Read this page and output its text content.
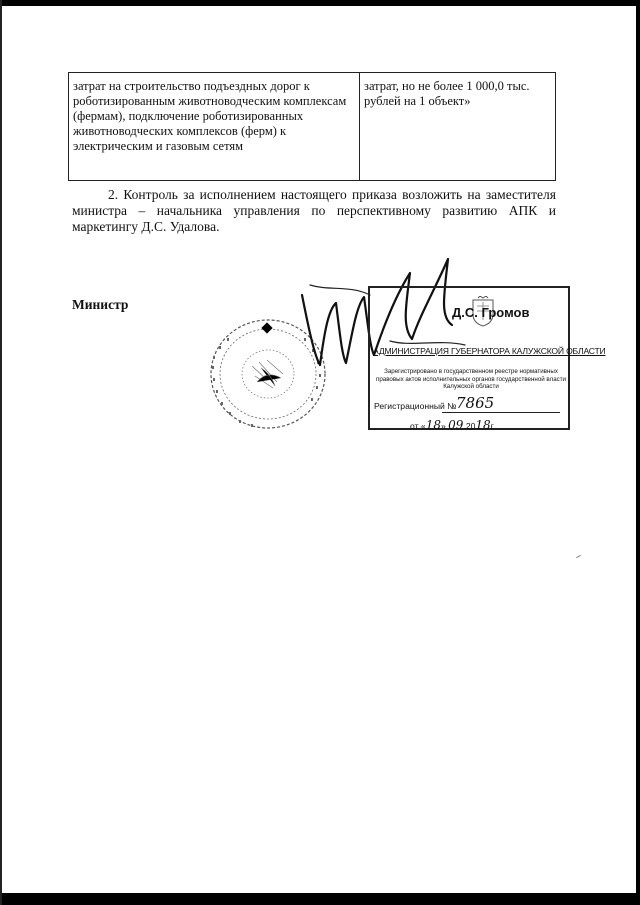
затрат на строительство подъездных дорог к роботизированным животноводческим комплексам (фермам), подключение роботизированных животноводческих комплексов (ферм) к электрическим и газовым сетям	затрат, но не более 1 000,0 тыс. рублей на 1 объект»

2. Контроль за исполнением настоящего приказа возложить на заместителя министра – начальника управления по перспективному развитию АПК и маркетингу Д.С. Удалова.

Министр
Д.С. Громов
АДМИНИСТРАЦИЯ ГУБЕРНАТОРА КАЛУЖСКОЙ ОБЛАСТИ
Зарегистрировано в государственном реестре нормативных правовых актов исполнительных органов государственной власти Калужской области
Регистрационный № 7865
от «18» 09 2018г.
